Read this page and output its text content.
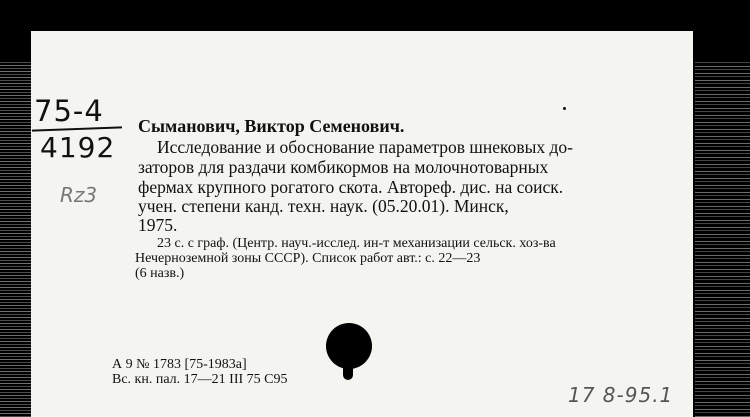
75-4
4192
Rz3
Сыманович, Виктор Семенович.
Исследование и обоснование параметров шнековых до-
заторов для раздачи комбикормов на молочнотоварных
фермах крупного рогатого скота. Автореф. дис. на соиск.
учен. степени канд. техн. наук. (05.20.01). Минск,
1975.
23 с. с граф. (Центр. науч.-исслед. ин-т механизации сельск. хоз-ва
Нечерноземной зоны СССР). Список работ авт.: с. 22—23
(6 назв.)
А 9 № 1783 [75-1983а]
Вс. кн. пал. 17—21 III 75 С95
17 8-95.1
